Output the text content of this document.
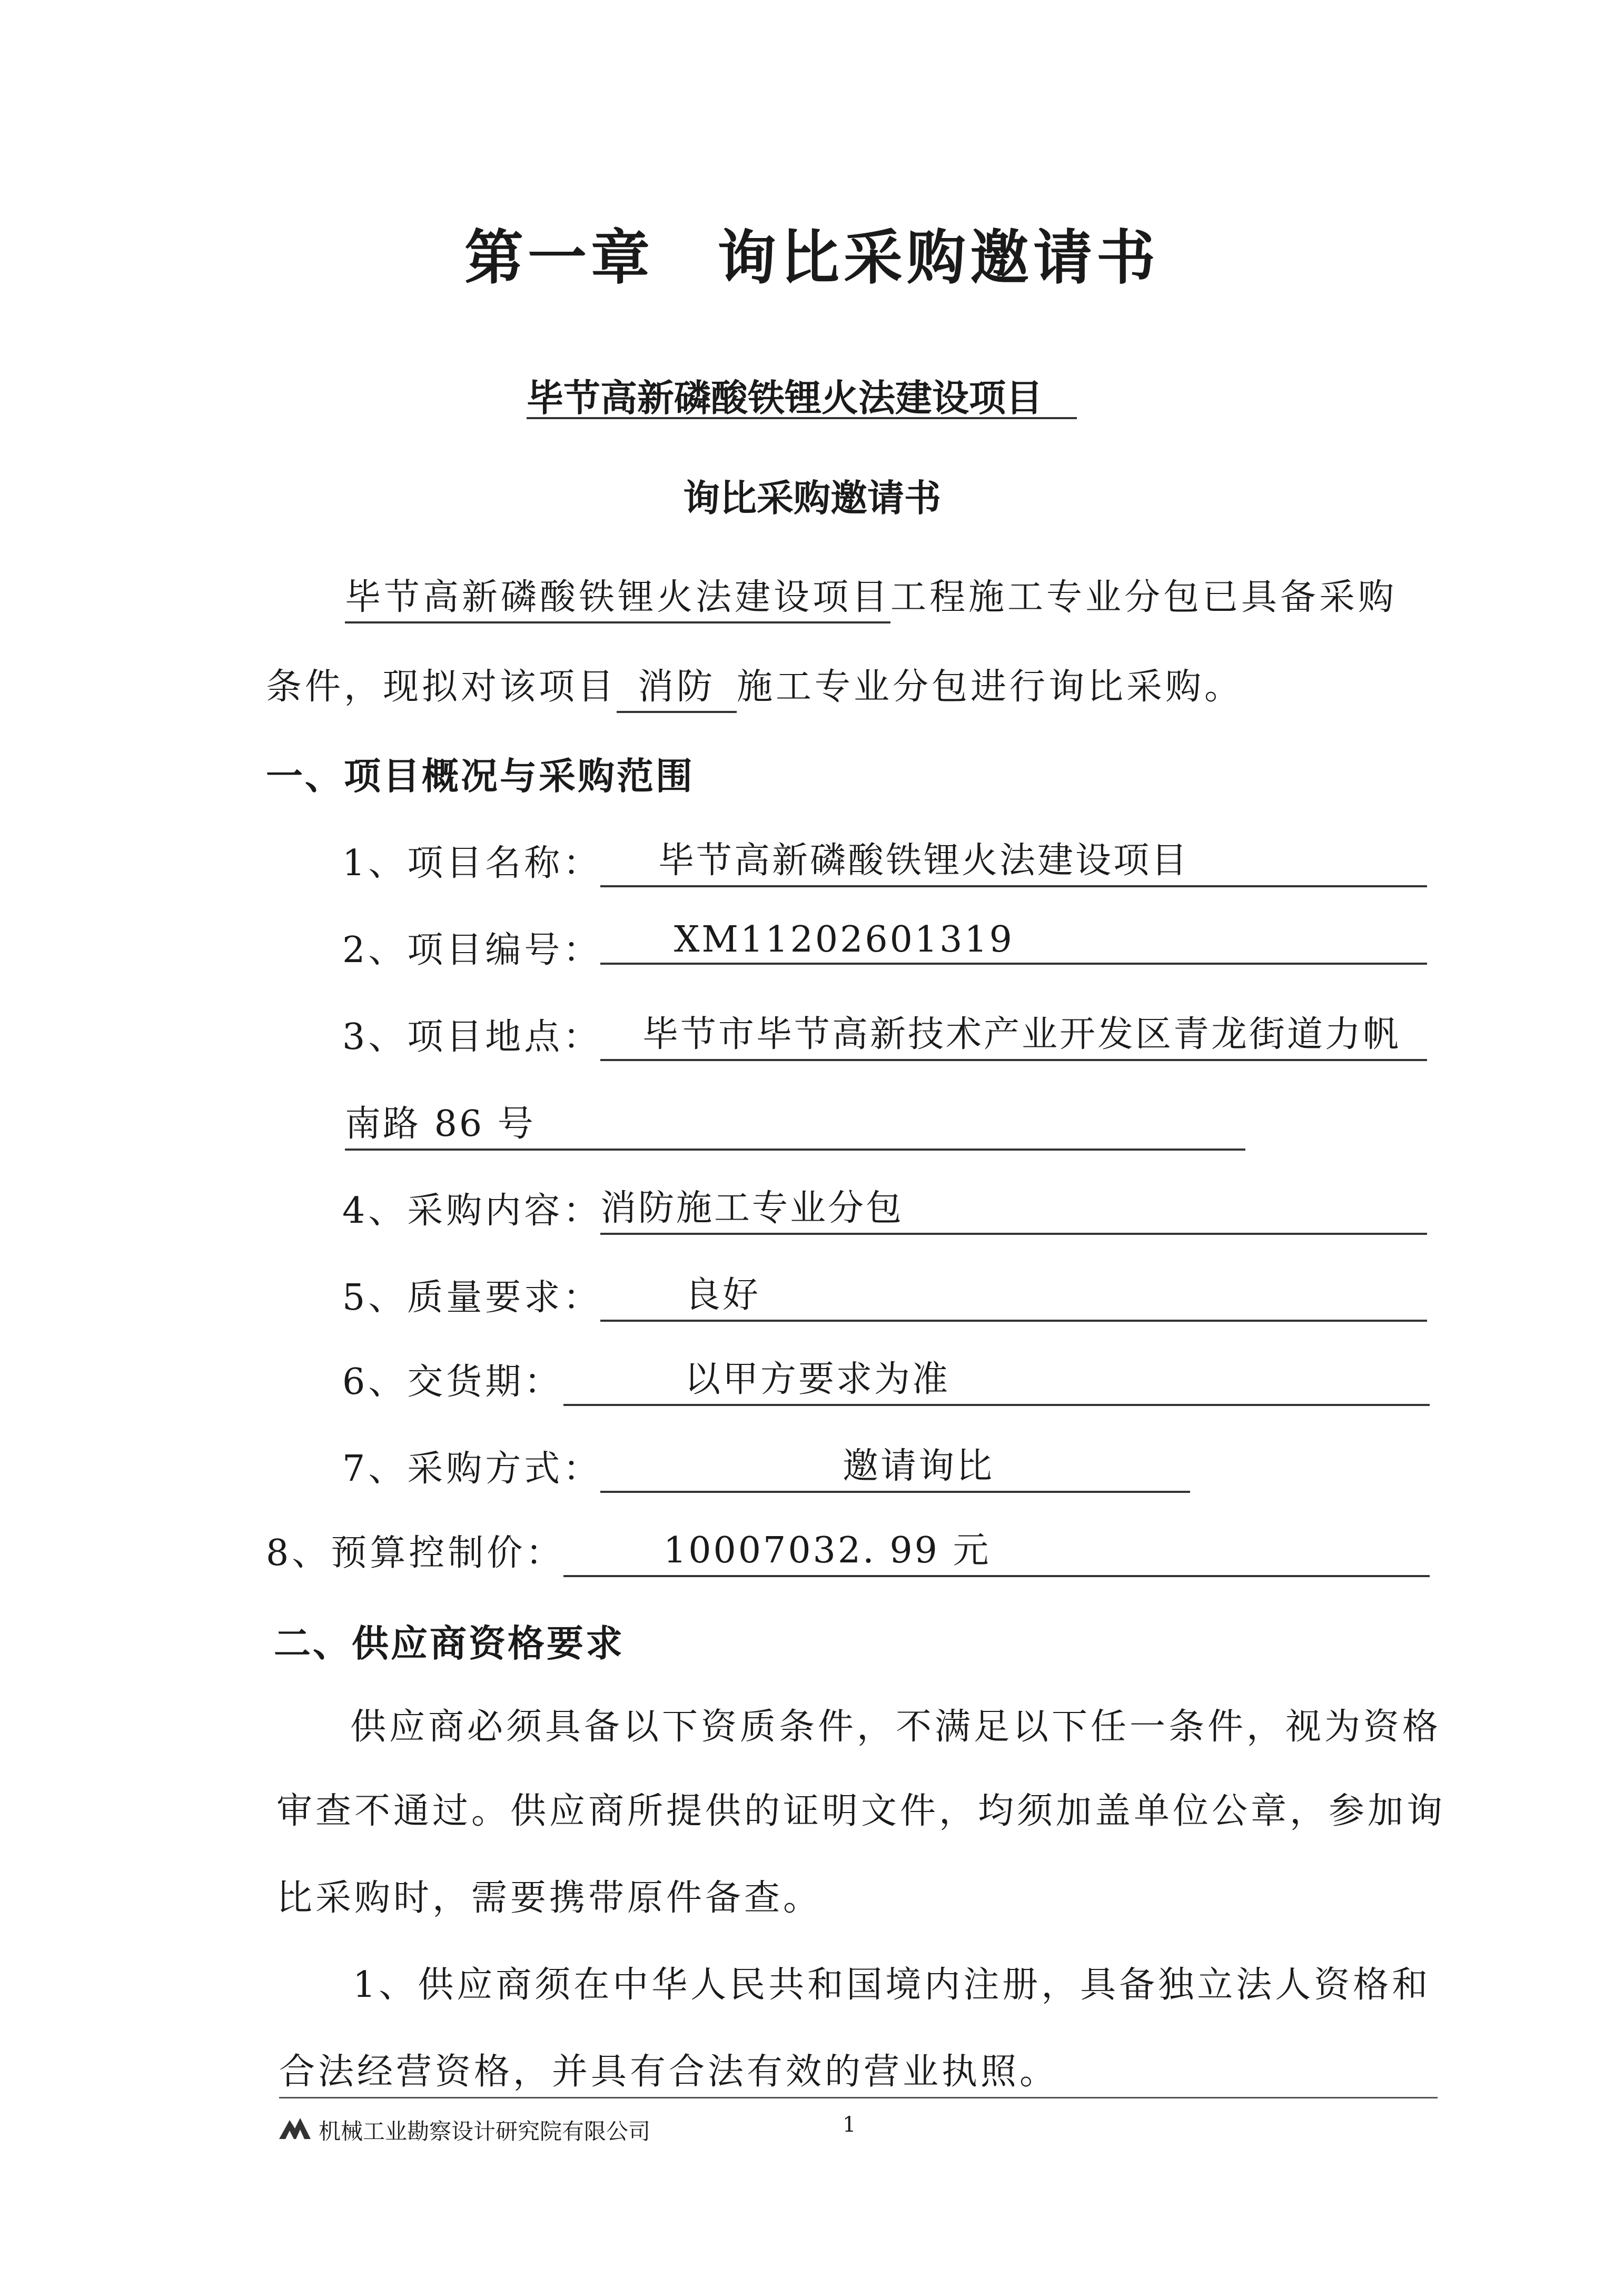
第一章　询比采购邀请书
毕节高新磷酸铁锂火法建设项目
询比采购邀请书
毕节高新磷酸铁锂火法建设项目工程施工专业分包已具备采购
条件，现拟对该项目 消防 施工专业分包进行询比采购。
一、项目概况与采购范围
1、项目名称：	毕节高新磷酸铁锂火法建设项目
2、项目编号：	XM11202601319
3、项目地点：	毕节市毕节高新技术产业开发区青龙街道力帆
南路 86 号
4、采购内容：
消防施工专业分包
5、质量要求：	良好
6、交货期：	以甲方要求为准
7、采购方式：	邀请询比
8、预算控制价：	10007032. 99 元
二、供应商资格要求
供应商必须具备以下资质条件，不满足以下任一条件，视为资格
审查不通过。供应商所提供的证明文件，均须加盖单位公章，参加询
比采购时，需要携带原件备查。
1、供应商须在中华人民共和国境内注册，具备独立法人资格和
合法经营资格，并具有合法有效的营业执照。
机械工业勘察设计研究院有限公司	1
